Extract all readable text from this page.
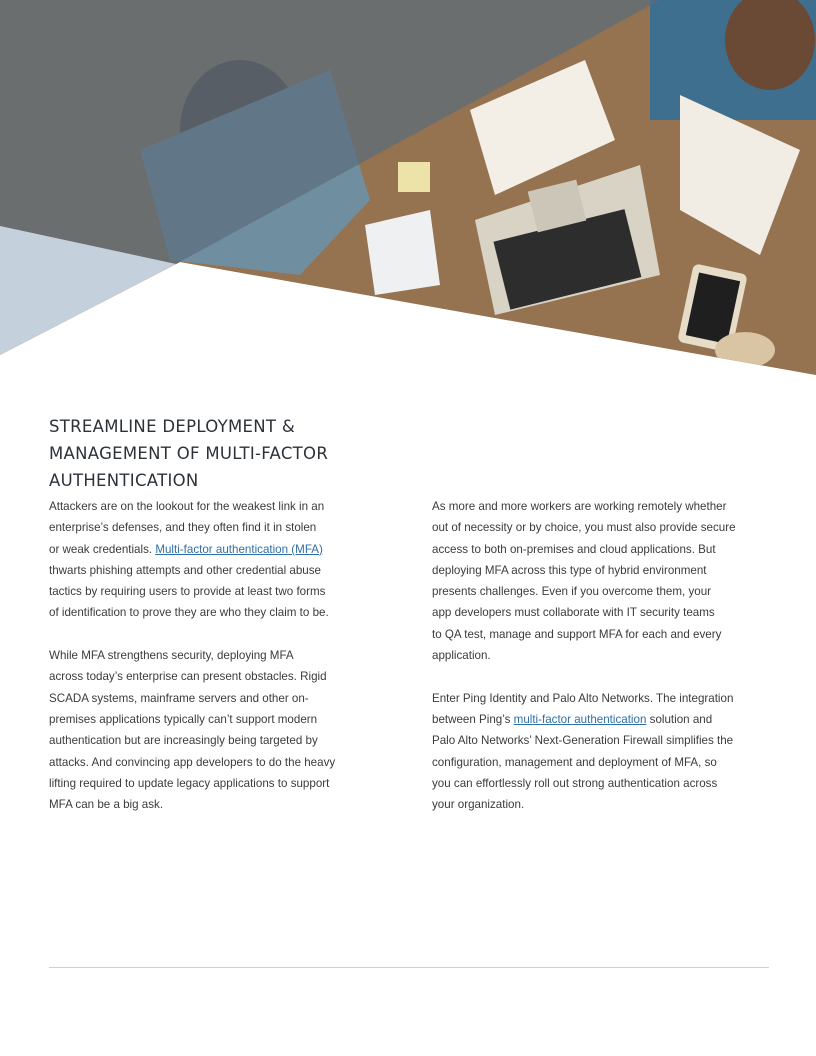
STREAMLINE DEPLOYMENT &
MANAGEMENT OF MULTI-FACTOR
AUTHENTICATION
Attackers are on the lookout for the weakest link in an
enterprise’s defenses, and they often find it in stolen
or weak credentials. Multi-factor authentication (MFA)
thwarts phishing attempts and other credential abuse
tactics by requiring users to provide at least two forms
of identification to prove they are who they claim to be.
While MFA strengthens security, deploying MFA
across today’s enterprise can present obstacles. Rigid
SCADA systems, mainframe servers and other on-
premises applications typically can’t support modern
authentication but are increasingly being targeted by
attacks. And convincing app developers to do the heavy
lifting required to update legacy applications to support
MFA can be a big ask.
As more and more workers are working remotely whether
out of necessity or by choice, you must also provide secure
access to both on-premises and cloud applications. But
deploying MFA across this type of hybrid environment
presents challenges. Even if you overcome them, your
app developers must collaborate with IT security teams
to QA test, manage and support MFA for each and every
application.
Enter Ping Identity and Palo Alto Networks. The integration
between Ping’s multi-factor authentication solution and
Palo Alto Networks’ Next-Generation Firewall simplifies the
configuration, management and deployment of MFA, so
you can effortlessly roll out strong authentication across
your organization.
